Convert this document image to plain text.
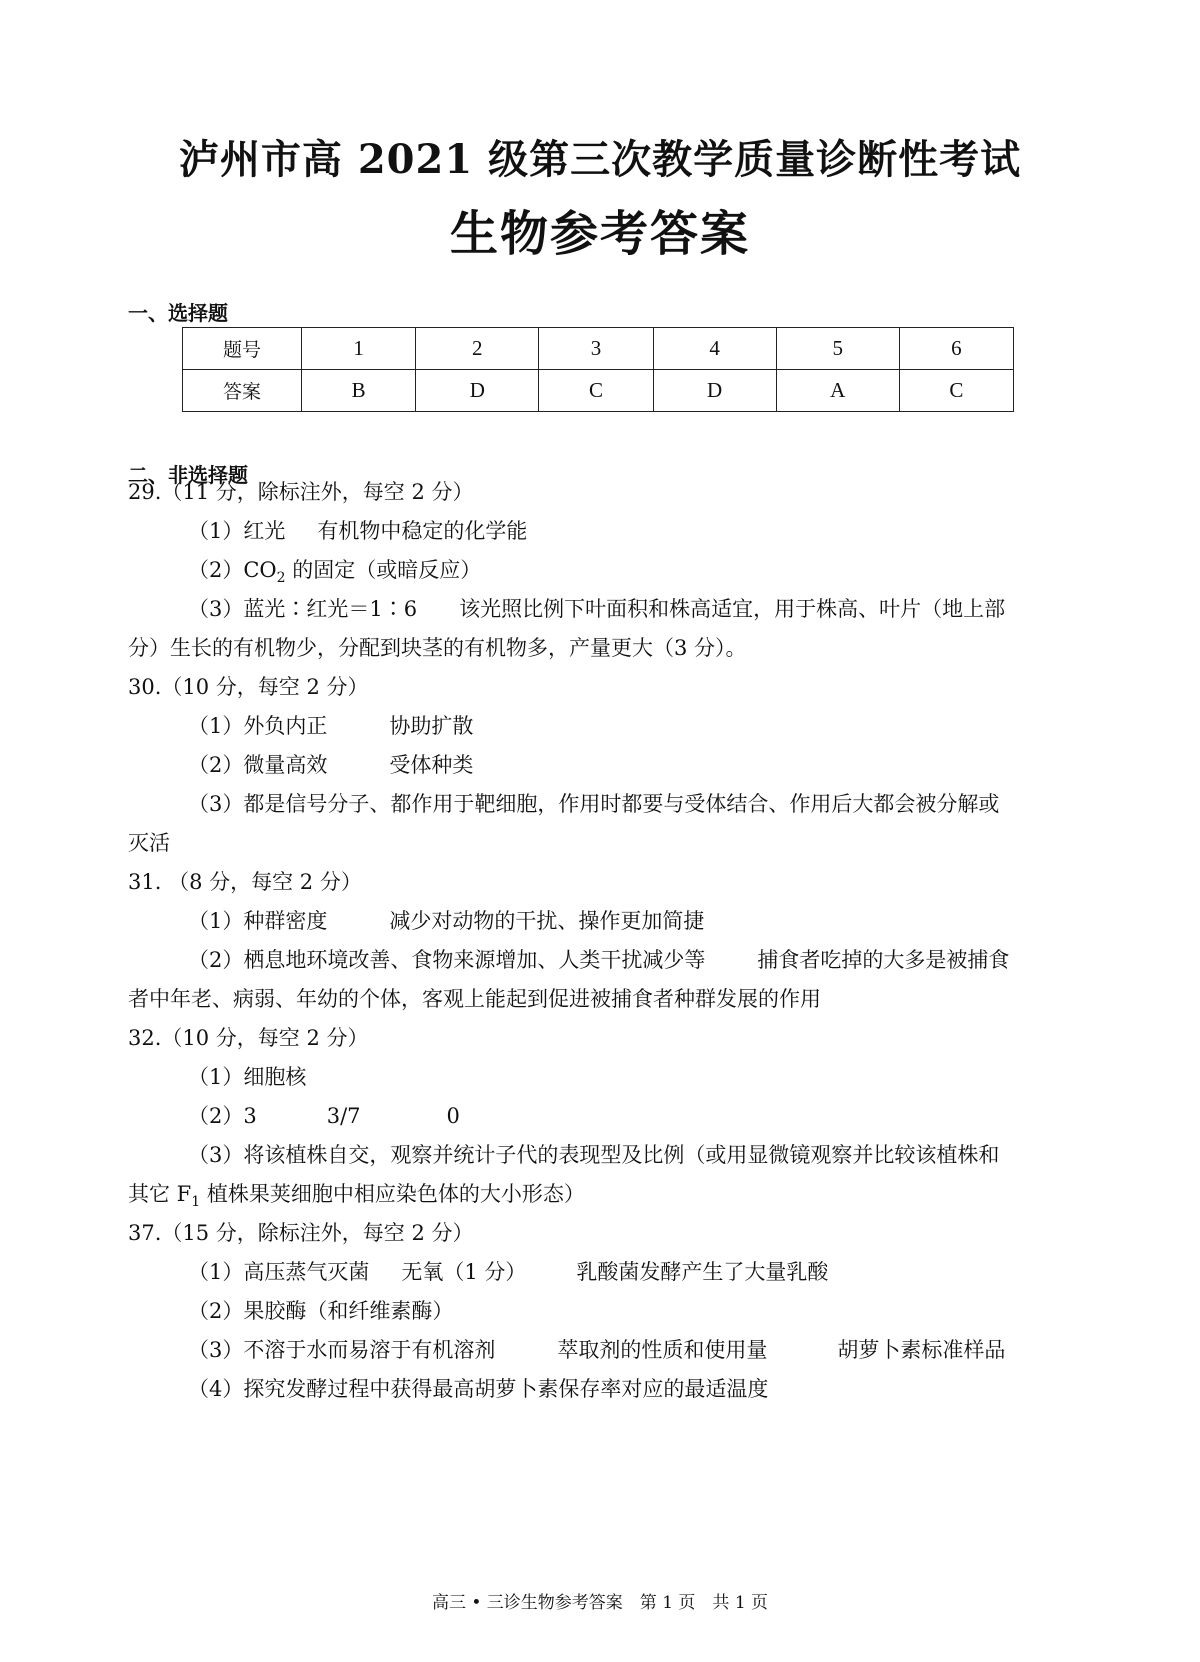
泸州市高 2021 级第三次教学质量诊断性考试
生物参考答案
一、选择题
题号	1	2	3	4	5	6
答案	B	D	C	D	A	C
二、非选择题
29.（11 分，除标注外，每空 2 分）
（1）红光 有机物中稳定的化学能
$(2)CO_2$ 的固定（或暗反应）
（3）蓝光∶红光＝1∶6 该光照比例下叶面积和株高适宜，用于株高、叶片（地上部
分）生长的有机物少，分配到块茎的有机物多，产量更大（3 分）。
30.（10 分，每空 2 分）
（1）外负内正	协助扩散
（2）微量高效	受体种类
（3）都是信号分子、都作用于靶细胞，作用时都要与受体结合、作用后大都会被分解或
灭活
31. （8 分，每空 2 分）
（1）种群密度	减少对动物的干扰、操作更加简捷
（2）栖息地环境改善、食物来源增加、人类干扰减少等 捕食者吃掉的大多是被捕食
者中年老、病弱、年幼的个体，客观上能起到促进被捕食者种群发展的作用
32.（10 分，每空 2 分）
（1）细胞核
（2）3	3/7	0
（3）将该植株自交，观察并统计子代的表现型及比例（或用显微镜观察并比较该植株和
其它 $F_1$ 植株果荚细胞中相应染色体的大小形态）
37.（15 分，除标注外，每空 2 分）
（1）高压蒸气灭菌 无氧（1 分） 乳酸菌发酵产生了大量乳酸
（2）果胶酶（和纤维素酶）
（3）不溶于水而易溶于有机溶剂	萃取剂的性质和使用量	胡萝卜素标准样品
（4）探究发酵过程中获得最高胡萝卜素保存率对应的最适温度
高三 • 三诊生物参考答案　第 1 页　共 1 页
